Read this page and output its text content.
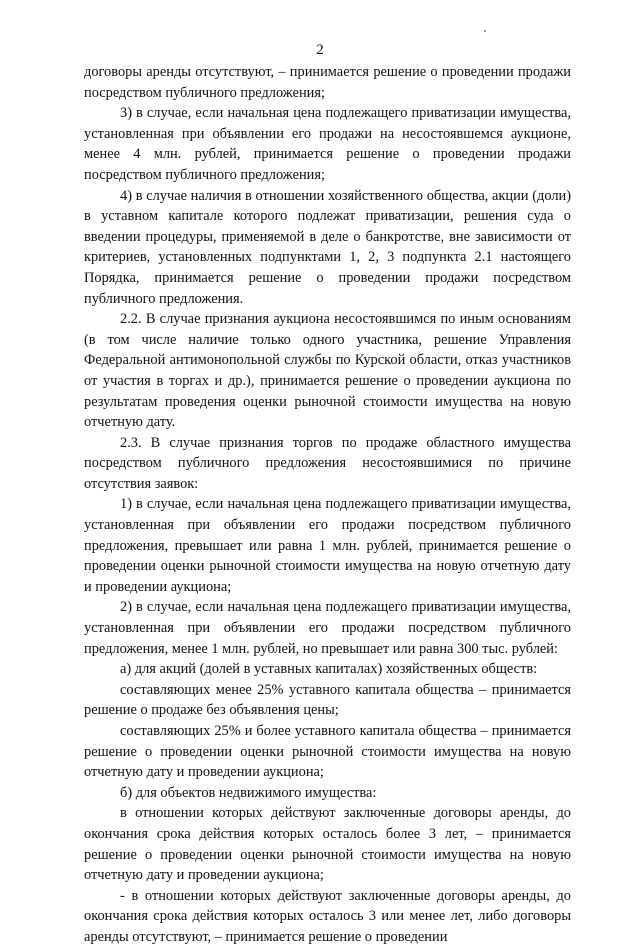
2

договоры аренды отсутствуют, – принимается решение о проведении продажи посредством публичного предложения;

3) в случае, если начальная цена подлежащего приватизации имущества, установленная при объявлении его продажи на несостоявшемся аукционе, менее 4 млн. рублей, принимается решение о проведении продажи посредством публичного предложения;

4) в случае наличия в отношении хозяйственного общества, акции (доли) в уставном капитале которого подлежат приватизации, решения суда о введении процедуры, применяемой в деле о банкротстве, вне зависимости от критериев, установленных подпунктами 1, 2, 3 подпункта 2.1 настоящего Порядка, принимается решение о проведении продажи посредством публичного предложения.

2.2. В случае признания аукциона несостоявшимся по иным основаниям (в том числе наличие только одного участника, решение Управления Федеральной антимонопольной службы по Курской области, отказ участников от участия в торгах и др.), принимается решение о проведении аукциона по результатам проведения оценки рыночной стоимости имущества на новую отчетную дату.

2.3. В случае признания торгов по продаже областного имущества посредством публичного предложения несостоявшимися по причине отсутствия заявок:

1) в случае, если начальная цена подлежащего приватизации имущества, установленная при объявлении его продажи посредством публичного предложения, превышает или равна 1 млн. рублей, принимается решение о проведении оценки рыночной стоимости имущества на новую отчетную дату и проведении аукциона;

2) в случае, если начальная цена подлежащего приватизации имущества, установленная при объявлении его продажи посредством публичного предложения, менее 1 млн. рублей, но превышает или равна 300 тыс. рублей:

а) для акций (долей в уставных капиталах) хозяйственных обществ:

составляющих менее 25% уставного капитала общества – принимается решение о продаже без объявления цены;

составляющих 25% и более уставного капитала общества – принимается решение о проведении оценки рыночной стоимости имущества на новую отчетную дату и проведении аукциона;

б) для объектов недвижимого имущества:

в отношении которых действуют заключенные договоры аренды, до окончания срока действия которых осталось более 3 лет, – принимается решение о проведении оценки рыночной стоимости имущества на новую отчетную дату и проведении аукциона;

- в отношении которых действуют заключенные договоры аренды, до окончания срока действия которых осталось 3 или менее лет, либо договоры аренды отсутствуют, – принимается решение о проведении
